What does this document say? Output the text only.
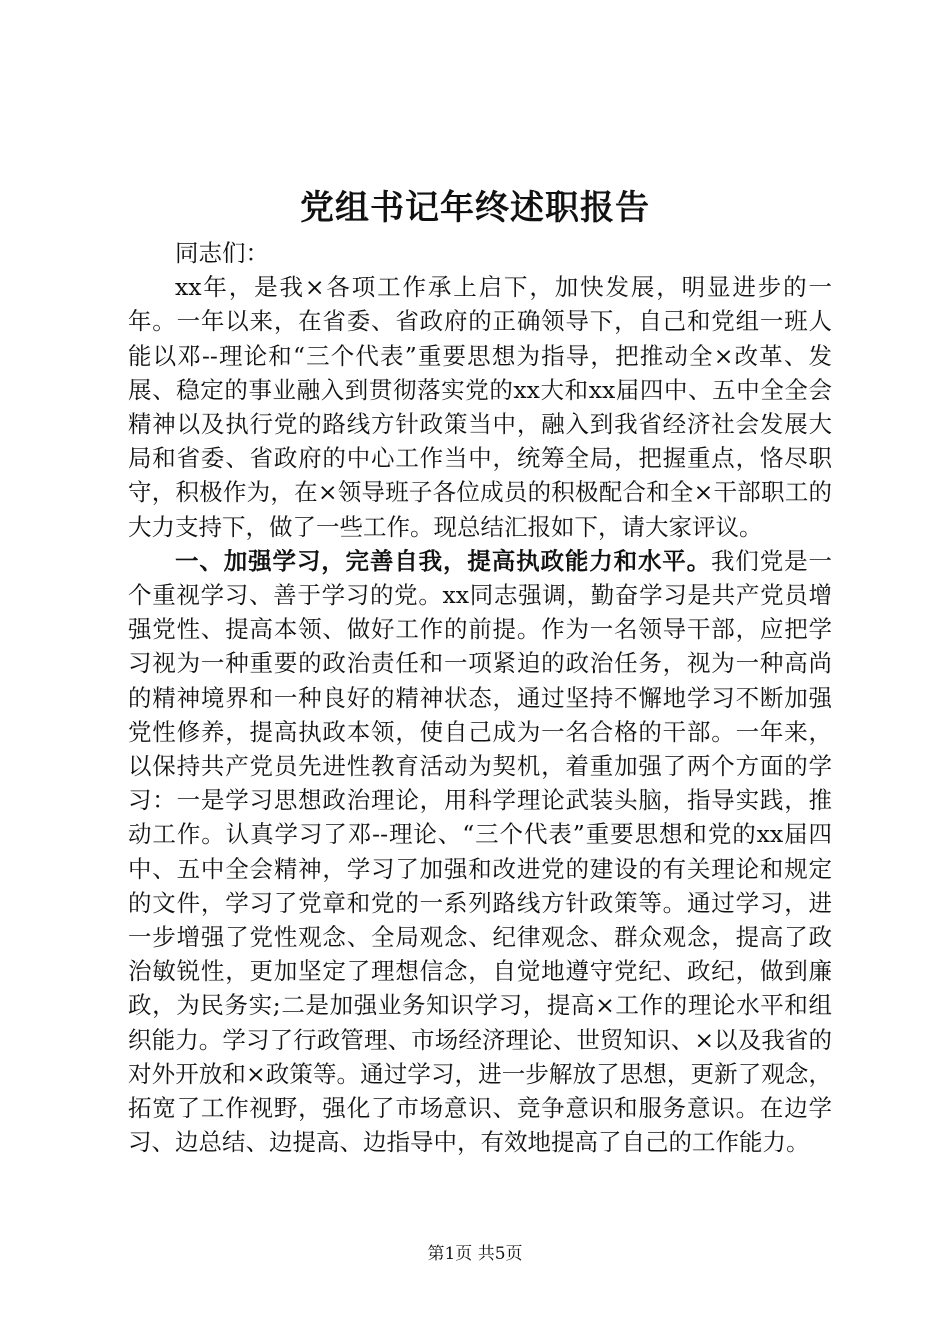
党组书记年终述职报告

同志们：

xx年，是我×各项工作承上启下，加快发展，明显进步的一年。一年以来，在省委、省政府的正确领导下，自己和党组一班人能以邓--理论和“三个代表”重要思想为指导，把推动全×改革、发展、稳定的事业融入到贯彻落实党的xx大和xx届四中、五中全全会精神以及执行党的路线方针政策当中，融入到我省经济社会发展大局和省委、省政府的中心工作当中，统筹全局，把握重点，恪尽职守，积极作为，在×领导班子各位成员的积极配合和全×干部职工的大力支持下，做了一些工作。现总结汇报如下，请大家评议。

一、加强学习，完善自我，提高执政能力和水平。我们党是一个重视学习、善于学习的党。xx同志强调，勤奋学习是共产党员增强党性、提高本领、做好工作的前提。作为一名领导干部，应把学习视为一种重要的政治责任和一项紧迫的政治任务，视为一种高尚的精神境界和一种良好的精神状态，通过坚持不懈地学习不断加强党性修养，提高执政本领，使自己成为一名合格的干部。一年来，以保持共产党员先进性教育活动为契机，着重加强了两个方面的学习：一是学习思想政治理论，用科学理论武装头脑，指导实践，推动工作。认真学习了邓--理论、“三个代表”重要思想和党的xx届四中、五中全会精神，学习了加强和改进党的建设的有关理论和规定的文件，学习了党章和党的一系列路线方针政策等。通过学习，进一步增强了党性观念、全局观念、纪律观念、群众观念，提高了政治敏锐性，更加坚定了理想信念，自觉地遵守党纪、政纪，做到廉政，为民务实;二是加强业务知识学习，提高×工作的理论水平和组织能力。学习了行政管理、市场经济理论、世贸知识、×以及我省的对外开放和×政策等。通过学习，进一步解放了思想，更新了观念，拓宽了工作视野，强化了市场意识、竞争意识和服务意识。在边学习、边总结、边提高、边指导中，有效地提高了自己的工作能力。

第1页 共5页
